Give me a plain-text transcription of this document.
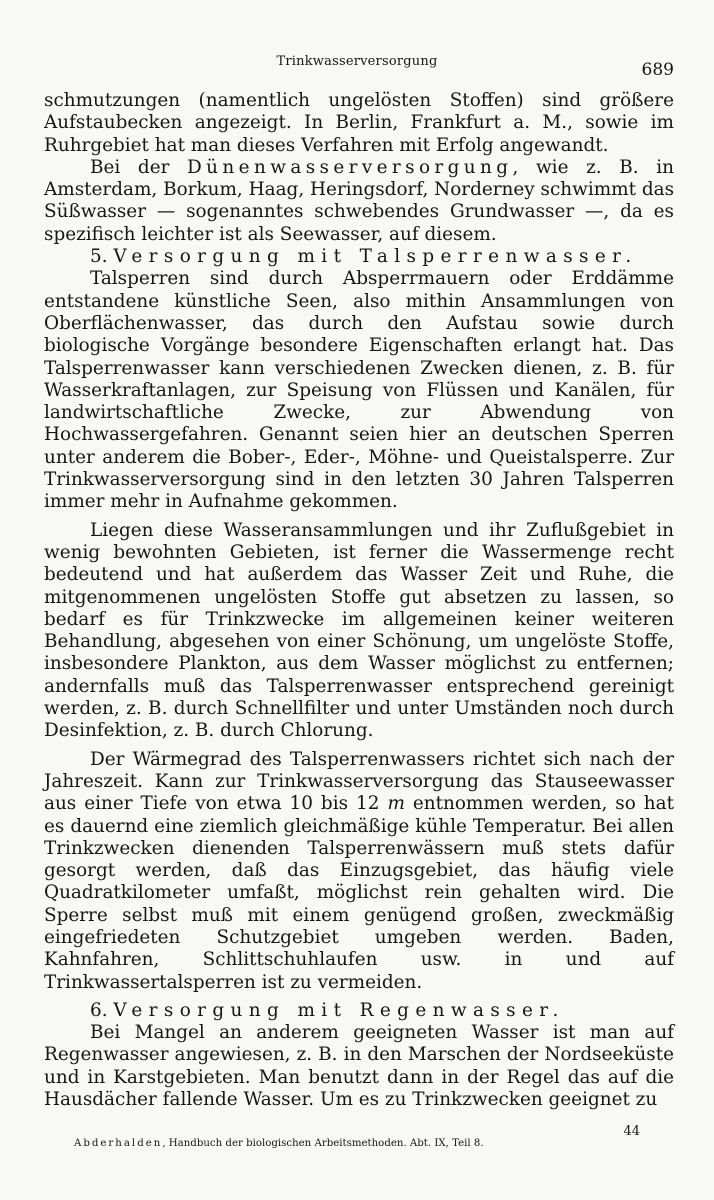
Trinkwasserversorgung	689

schmutzungen (namentlich ungelösten Stoffen) sind größere Aufstaubecken angezeigt. In Berlin, Frankfurt a. M., sowie im Ruhrgebiet hat man dieses Verfahren mit Erfolg angewandt.

Bei der Dünenwasserversorgung, wie z. B. in Amsterdam, Borkum, Haag, Heringsdorf, Norderney schwimmt das Süßwasser — sogenanntes schwebendes Grundwasser —, da es spezifisch leichter ist als Seewasser, auf diesem.

5. Versorgung mit Talsperrenwasser.

Talsperren sind durch Absperrmauern oder Erddämme entstandene künstliche Seen, also mithin Ansammlungen von Oberflächenwasser, das durch den Aufstau sowie durch biologische Vorgänge besondere Eigenschaften erlangt hat. Das Talsperrenwasser kann verschiedenen Zwecken dienen, z. B. für Wasserkraftanlagen, zur Speisung von Flüssen und Kanälen, für landwirtschaftliche Zwecke, zur Abwendung von Hochwassergefahren. Genannt seien hier an deutschen Sperren unter anderem die Bober-, Eder-, Möhne- und Queistalsperre. Zur Trinkwasserversorgung sind in den letzten 30 Jahren Talsperren immer mehr in Aufnahme gekommen.

Liegen diese Wasseransammlungen und ihr Zuflußgebiet in wenig bewohnten Gebieten, ist ferner die Wassermenge recht bedeutend und hat außerdem das Wasser Zeit und Ruhe, die mitgenommenen ungelösten Stoffe gut absetzen zu lassen, so bedarf es für Trinkzwecke im allgemeinen keiner weiteren Behandlung, abgesehen von einer Schönung, um ungelöste Stoffe, insbesondere Plankton, aus dem Wasser möglichst zu entfernen; andernfalls muß das Talsperrenwasser entsprechend gereinigt werden, z. B. durch Schnellfilter und unter Umständen noch durch Desinfektion, z. B. durch Chlorung.

Der Wärmegrad des Talsperrenwassers richtet sich nach der Jahreszeit. Kann zur Trinkwasserversorgung das Stauseewasser aus einer Tiefe von etwa 10 bis 12 m entnommen werden, so hat es dauernd eine ziemlich gleichmäßige kühle Temperatur. Bei allen Trinkzwecken dienenden Talsperrenwässern muß stets dafür gesorgt werden, daß das Einzugsgebiet, das häufig viele Quadratkilometer umfaßt, möglichst rein gehalten wird. Die Sperre selbst muß mit einem genügend großen, zweckmäßig eingefriedeten Schutzgebiet umgeben werden. Baden, Kahnfahren, Schlittschuhlaufen usw. in und auf Trinkwassertalsperren ist zu vermeiden.

6. Versorgung mit Regenwasser.

Bei Mangel an anderem geeigneten Wasser ist man auf Regenwasser angewiesen, z. B. in den Marschen der Nordseeküste und in Karstgebieten. Man benutzt dann in der Regel das auf die Hausdächer fallende Wasser. Um es zu Trinkzwecken geeignet zu

Abderhalden, Handbuch der biologischen Arbeitsmethoden. Abt. IX, Teil 8.
44
